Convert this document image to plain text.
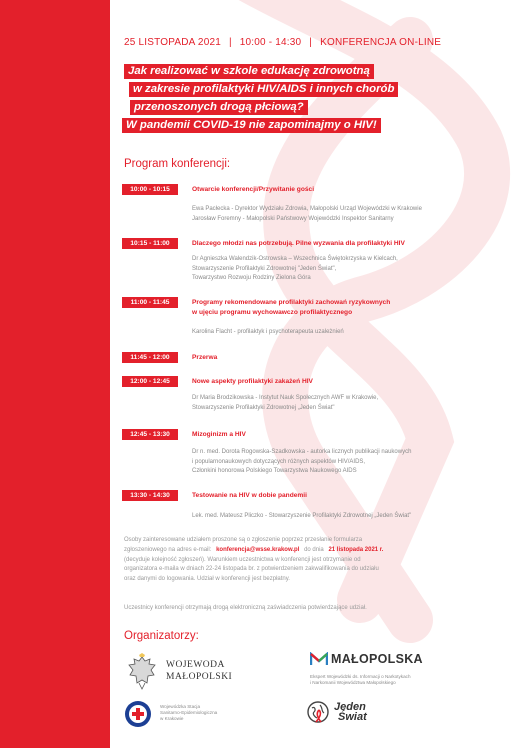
25 LISTOPADA 2021 | 10:00 - 14:30 | KONFERENCJA ON-LINE
Jak realizować w szkole edukację zdrowotną
w zakresie profilaktyki HIV/AIDS i innych chorób
przenoszonych drogą płciową?
W pandemii COVID-19 nie zapominajmy o HIV!
Program konferencji:
10:00 - 10:15	Otwarcie konferencji/Przywitanie gości
Ewa Pacłecka - Dyrektor Wydziału Zdrowia, Małopolski Urząd Wojewódzki w Krakowie
Jarosław Foremny - Małopolski Państwowy Wojewódzki Inspektor Sanitarny
10:15 - 11:00	Dlaczego młodzi nas potrzebują. Pilne wyzwania dla profilaktyki HIV
Dr Agnieszka Walendzik-Ostrowska – Wszechnica Świętokrzyska w Kielcach,
Stowarzyszenie Profilaktyki Zdrowotnej "Jeden Świat",
Towarzystwo Rozwoju Rodziny Zielona Góra
11:00 - 11:45	Programy rekomendowane profilaktyki zachowań ryzykownych
w ujęciu programu wychowawczo profilaktycznego
Karolina Flacht - profilaktyk i psychoterapeuta uzależnień
11:45 - 12:00	Przerwa
12:00 - 12:45	Nowe aspekty profilaktyki zakażeń HIV
Dr Maria Brodzikowska - Instytut Nauk Społecznych AWF w Krakowie,
Stowarzyszenie Profilaktyki Zdrowotnej „Jeden Świat"
12:45 - 13:30	Mizoginizm a HIV
Dr n. med. Dorota Rogowska-Szadkowska - autorka licznych publikacji naukowych
i popularnonaukowych dotyczących różnych aspektów HIV/AIDS,
Członkini honorowa Polskiego Towarzystwa Naukowego AIDS
13:30 - 14:30	Testowanie na HIV w dobie pandemii
Lek. med. Mateusz Pliczko - Stowarzyszenie Profilaktyki Zdrowotnej „Jeden Świat"
Osoby zainteresowane udziałem proszone są o zgłoszenie poprzez przesłanie formularza
zgłoszeniowego na adres e-mail: konferencja@wsse.krakow.pl do dnia 21 listopada 2021 r.
(decyduje kolejność zgłoszeń). Warunkiem uczestnictwa w konferencji jest otrzymanie od
organizatora e-maila w dniach 22-24 listopada br. z potwierdzeniem zakwalifikowania do udziału
oraz danymi do logowania. Udział w konferencji jest bezpłatny.
Uczestnicy konferencji otrzymają drogą elektroniczną zaświadczenia potwierdzające udział.
Organizatorzy:
WOJEWODA
MAŁOPOLSKI
MAŁOPOLSKA
Ekspert Wojewódzki ds. Informacji o Narkotykach
i Narkomanii Województwa Małopolskiego
Wojewódzka Stacja
Sanitarno-Epidemiologiczna
w Krakowie
Jeden
Świat
